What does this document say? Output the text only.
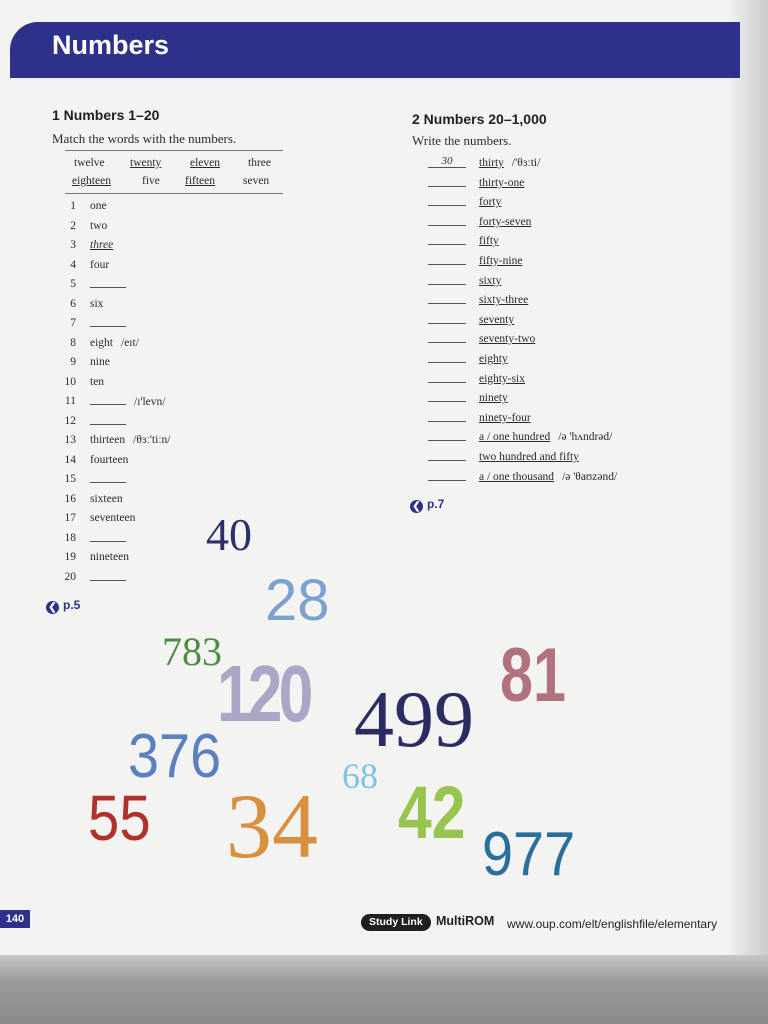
Numbers
1 Numbers 1–20
Match the words with the numbers.
twelve twenty eleven three
eighteen	five fifteen seven
1 one
2 two
3 three
4 four
5
6 six
7
8 eight /eɪt/
9 nine
10 ten
11	/ɪ'levn/
12
13 thirteen /θɜː'tiːn/
14 fourteen
15
16 sixteen
17 seventeen
18
19 nineteen
20
❮ p.5
2 Numbers 20–1,000
Write the numbers.
30	thirty /'θɜːti/
thirty-one
forty
forty-seven
fifty
fifty-nine
sixty
sixty-three
seventy
seventy-two
eighty
eighty-six
ninety
ninety-four
a / one hundred /ə 'hʌndrəd/
two hundred and fifty
a / one thousand /ə 'θaʊzənd/
❮ p.7
40
28
783
120	81
499
376	68
55 34 42
977
140	Study Link	MultiROM www.oup.com/elt/englishfile/elementary
